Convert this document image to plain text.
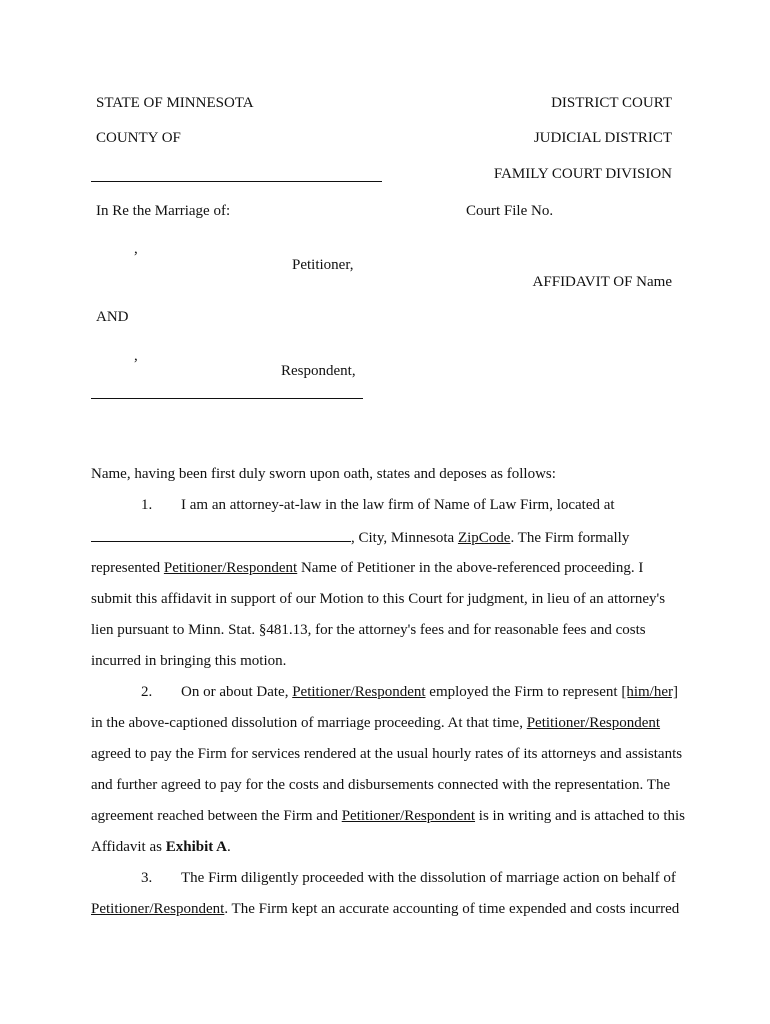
STATE OF MINNESOTA	DISTRICT COURT
COUNTY OF	JUDICIAL DISTRICT
FAMILY COURT DIVISION
In Re the Marriage of:	Court File No.
,
Petitioner,
AFFIDAVIT OF Name
AND
,
Respondent,
Name, having been first duly sworn upon oath, states and deposes as follows:
1. I am an attorney-at-law in the law firm of Name of Law Firm, located at
, City, Minnesota ZipCode. The Firm formally
represented Petitioner/Respondent Name of Petitioner in the above-referenced proceeding. I
submit this affidavit in support of our Motion to this Court for judgment, in lieu of an attorney's
lien pursuant to Minn. Stat. §481.13, for the attorney's fees and for reasonable fees and costs
incurred in bringing this motion.
2. On or about Date, Petitioner/Respondent employed the Firm to represent [him/her]
in the above-captioned dissolution of marriage proceeding. At that time, Petitioner/Respondent
agreed to pay the Firm for services rendered at the usual hourly rates of its attorneys and assistants
and further agreed to pay for the costs and disbursements connected with the representation. The
agreement reached between the Firm and Petitioner/Respondent is in writing and is attached to this
Affidavit as Exhibit A.
3. The Firm diligently proceeded with the dissolution of marriage action on behalf of
Petitioner/Respondent. The Firm kept an accurate accounting of time expended and costs incurred
